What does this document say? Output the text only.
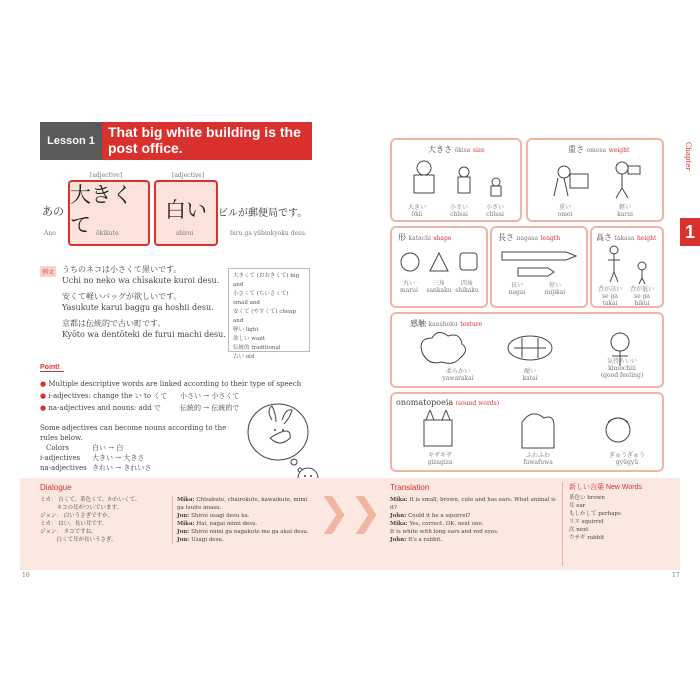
Lesson 1
That big white building is the post office.
あの
Ano
[adjective]
大きくて ōkikute
[adjective]
白い
shiroi
ビルが郵便局です。
biru ga yūbinkyoku desu.
例文 うちのネコは小さくて黒いです。
Uchi no neko wa chīsakute kuroi desu.
安くて軽いバッグが欲しいです。
Yasukute karui baggu ga hoshii desu.
京都は伝統的で古い町です。
Kyōto wa dentōteki de furui machi desu.
大きくて (おおきくて) big and
小さくて (ちいさくて) small and
安くて (やすくて) cheap and
軽い light
欲しい want
伝統的 traditional
古い old
Point!
● Multiple descriptive words are linked according to their type of speech
● i-adjectives: change the い to くて 小さい → 小さくて
● na-adjectives and nouns: add で	伝統的 → 伝統的で
Some adjectives can become nouns according to the rules below.
Colors	白い → 白
i-adjectives 大きい → 大きさ
na-adjectives きれい → きれいさ
大きさ ōkisa size
大きい
ōkii
小さい
chīsai
小さい
chīsai
重さ omosa weight
重い
omoi
軽い
karui
形 katachi shape
丸い
marui
三角
sankaku
四角
shikaku
長さ nagasa length
長い
nagai
短い
mijikai
高さ takasa height
背が高い
se ga takai
背が低い
se ga hikui
感触 kanshoku texture
柔らかい
yawarakai
硬い
katai
気持ちいい
kimochiii
(good feeling)
onomatopoeia (sound words)
ギザギザ
gizagiza
ふわふわ
fuwafuwa
ぎゅうぎゅう
gyūgyū
Chapter
1
Dialogue
ミカ： 白くて、茶色くて、かわいくて、
　　　ネコの耳がついています。
ジョン： 白いうさぎですか。
ミカ： はい。長い耳です。
ジョン： ネコですね。
　　　白くて耳が長いうさぎ。
Mika: Chīsakute, chairokute, kawaikute, mimi ga tsuite imasu.
Jon: Shiroi usagi desu ka.
Mika: Hai, nagai mimi desu.
Jon: Shiroi mimi ga nagakute me ga akai desu.
Jon: Usagi desu.
❯❯
Translation
Mika: It is small, brown, cute and has ears. What animal is it?
John: Could it be a squirrel?
Mika: Yes, correct. OK, next one.
It is white with long ears and red eyes.
John: It's a rabbit.
新しい言葉 New Words
茶色い brown
耳 ear
もしかして perhaps
リス squirrel
次 next
ウサギ rabbit
16	17
